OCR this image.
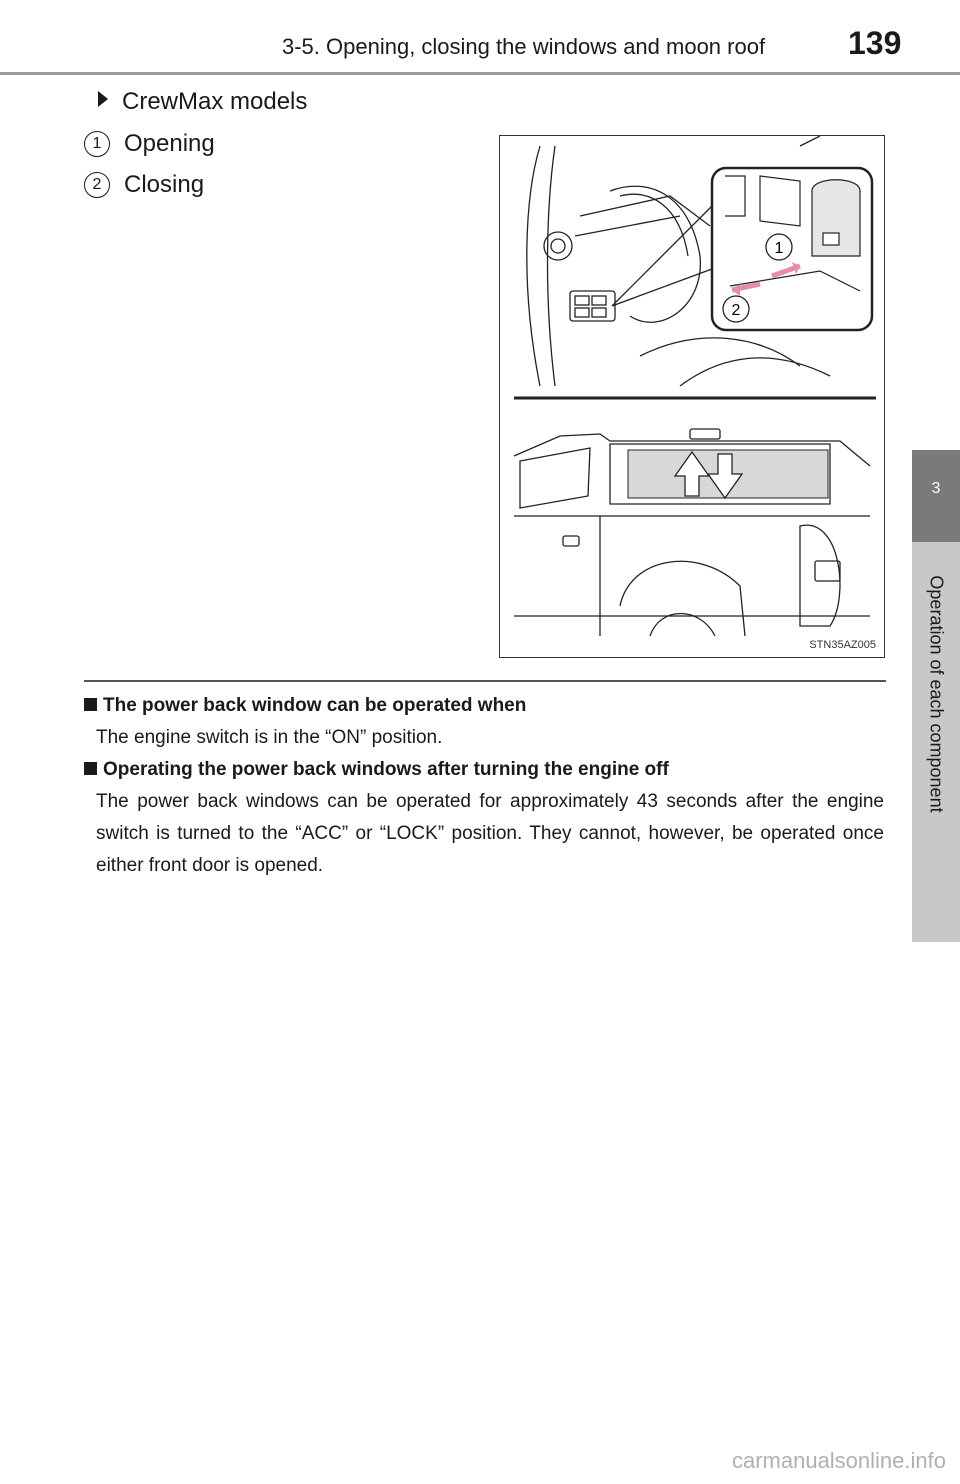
3-5. Opening, closing the windows and moon roof	139
3
Operation of each component
CrewMax models
1 Opening
2 Closing
1
2
STN35AZ005
The power back window can be operated when
The engine switch is in the “ON” position.
Operating the power back windows after turning the engine off
The power back windows can be operated for approximately 43 seconds after the engine switch is turned to the “ACC” or “LOCK” position. They cannot, however, be operated once either front door is opened.
carmanualsonline.info
